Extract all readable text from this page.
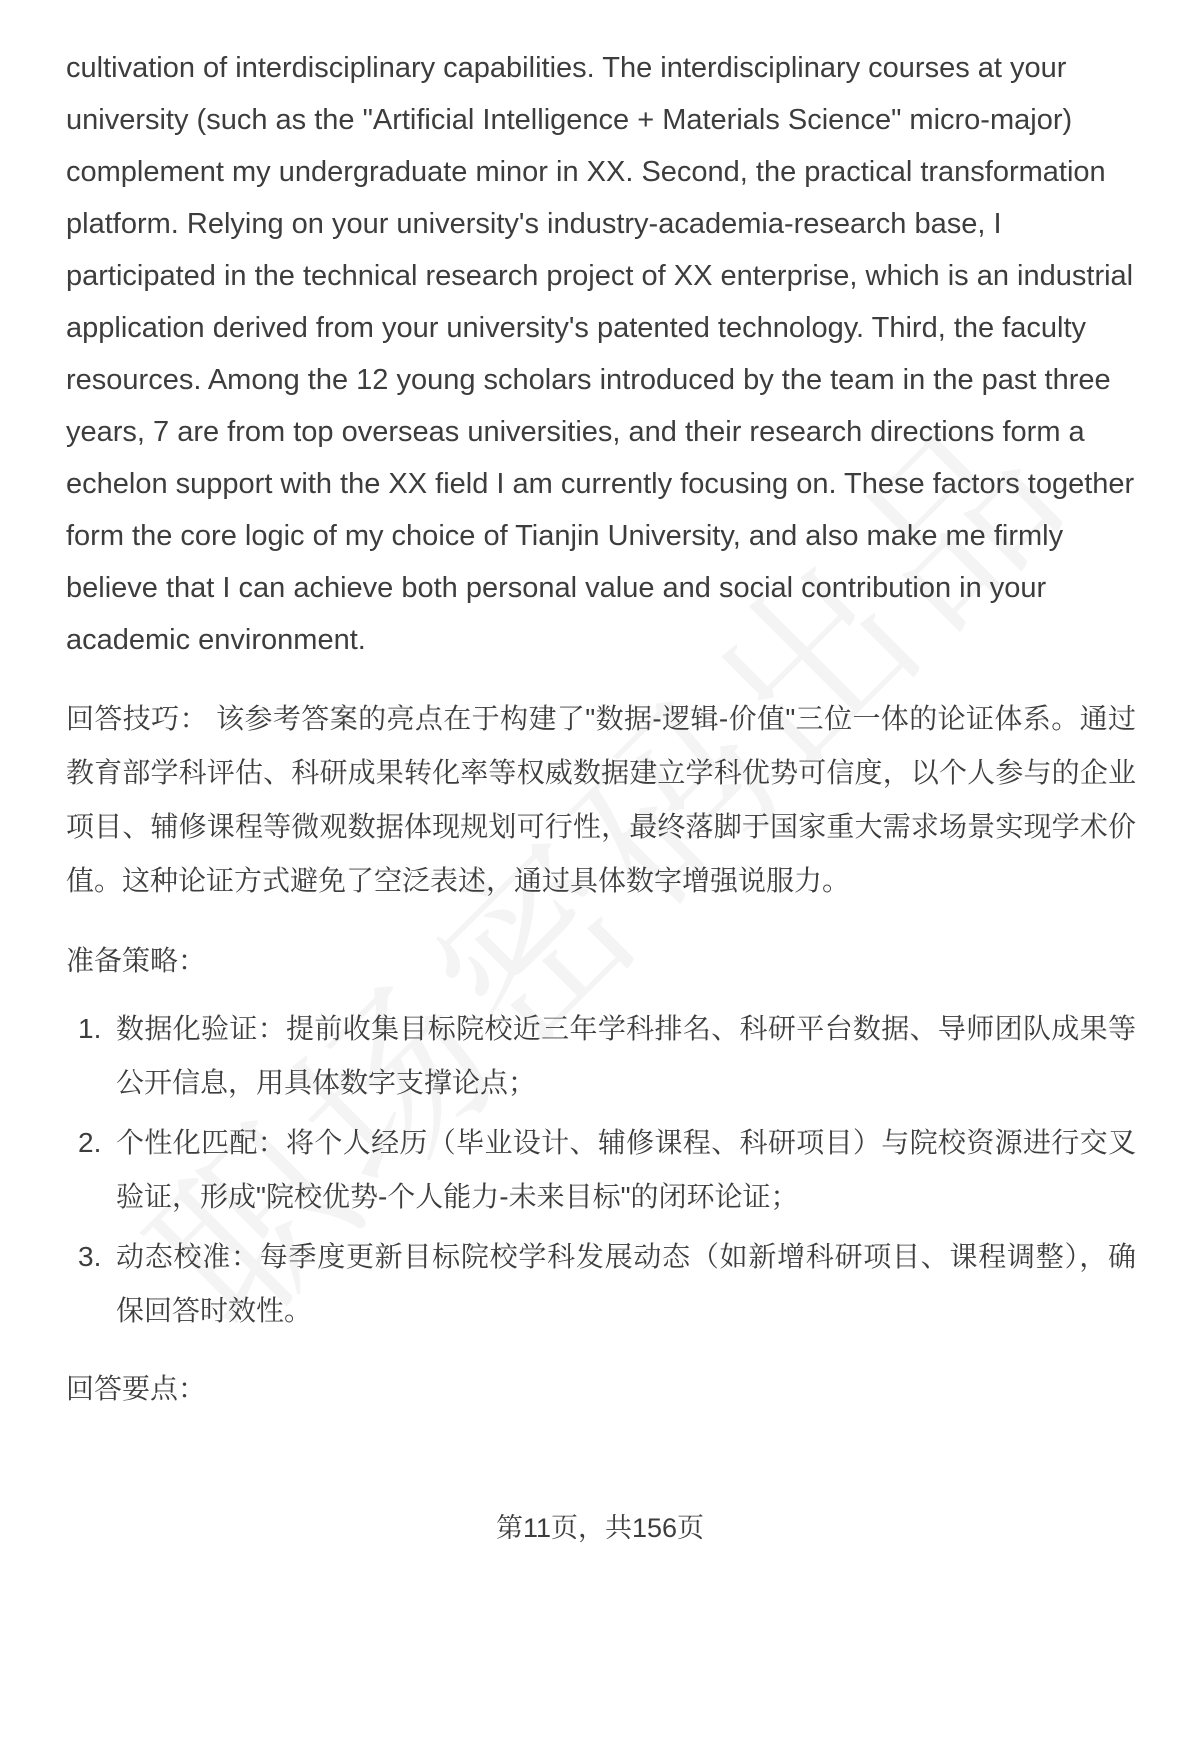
cultivation of interdisciplinary capabilities. The interdisciplinary courses at your university (such as the "Artificial Intelligence + Materials Science" micro-major) complement my undergraduate minor in XX. Second, the practical transformation platform. Relying on your university's industry-academia-research base, I participated in the technical research project of XX enterprise, which is an industrial application derived from your university's patented technology. Third, the faculty resources. Among the 12 young scholars introduced by the team in the past three years, 7 are from top overseas universities, and their research directions form a echelon support with the XX field I am currently focusing on. These factors together form the core logic of my choice of Tianjin University, and also make me firmly believe that I can achieve both personal value and social contribution in your academic environment.

回答技巧： 该参考答案的亮点在于构建了"数据-逻辑-价值"三位一体的论证体系。通过教育部学科评估、科研成果转化率等权威数据建立学科优势可信度，以个人参与的企业项目、辅修课程等微观数据体现规划可行性，最终落脚于国家重大需求场景实现学术价值。这种论证方式避免了空泛表述，通过具体数字增强说服力。

准备策略：

1. 数据化验证：提前收集目标院校近三年学科排名、科研平台数据、导师团队成果等公开信息，用具体数字支撑论点；
2. 个性化匹配：将个人经历（毕业设计、辅修课程、科研项目）与院校资源进行交叉验证，形成"院校优势-个人能力-未来目标"的闭环论证；
3. 动态校准：每季度更新目标院校学科发展动态（如新增科研项目、课程调整），确保回答时效性。

回答要点：

第11页，共156页
